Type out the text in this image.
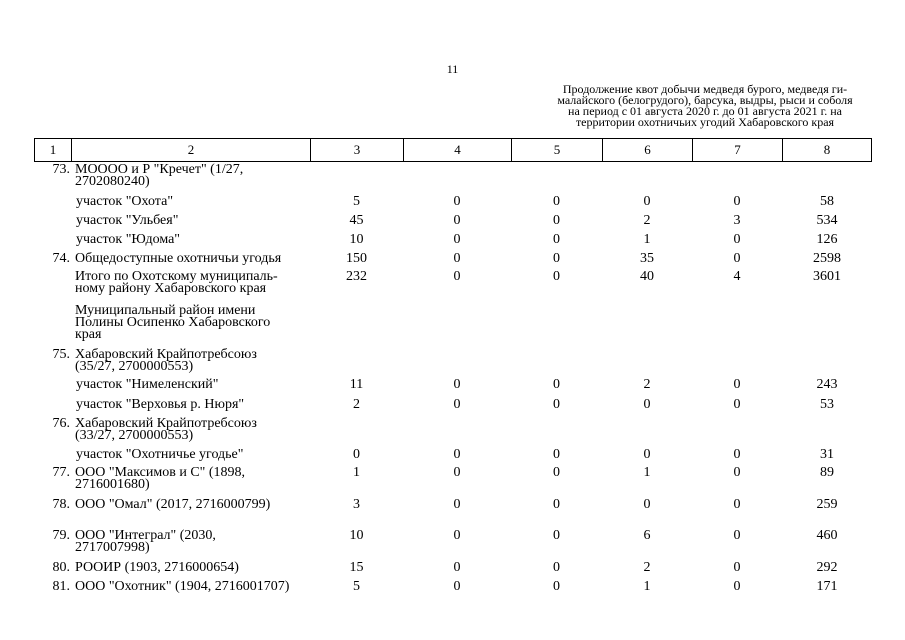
11
Продолжение квот добычи медведя бурого, медведя ги-
малайского (белогрудого), барсука, выдры, рыси и соболя
на период с 01 августа 2020 г. до 01 августа 2021 г. на
территории охотничьих угодий Хабаровского края
1	2	3	4	5	6	7	8
73. МОООО и Р "Кречет" (1/27,
2702080240)
участок "Охота"	5	0	0	0	0	58
участок "Ульбея"	45	0	0	2	3	534
участок "Юдома"	10	0	0	1	0	126
74. Общедоступные охотничьи угодья	150	0	0	35	0	2598
Итого по Охотскому муниципаль-
ному району Хабаровского края
232	0	0	40	4	3601
Муниципальный район имени
Полины Осипенко Хабаровского
края
75. Хабаровский Крайпотребсоюз
(35/27, 2700000553)
участок "Нимеленский"	11	0	0	2	0	243
участок "Верховья р. Нюря"	2	0	0	0	0	53
76. Хабаровский Крайпотребсоюз
(33/27, 2700000553)
участок "Охотничье угодье"	0	0	0	0	0	31
77. ООО "Максимов и С" (1898,
2716001680)
1	0	0	1	0	89
78. ООО "Омал" (2017, 2716000799)	3	0	0	0	0	259
79. ООО "Интеграл" (2030,
2717007998)
10	0	0	6	0	460
80. РООИР (1903, 2716000654)	15	0	0	2	0	292
81. ООО "Охотник" (1904, 2716001707)	5	0	0	1	0	171
